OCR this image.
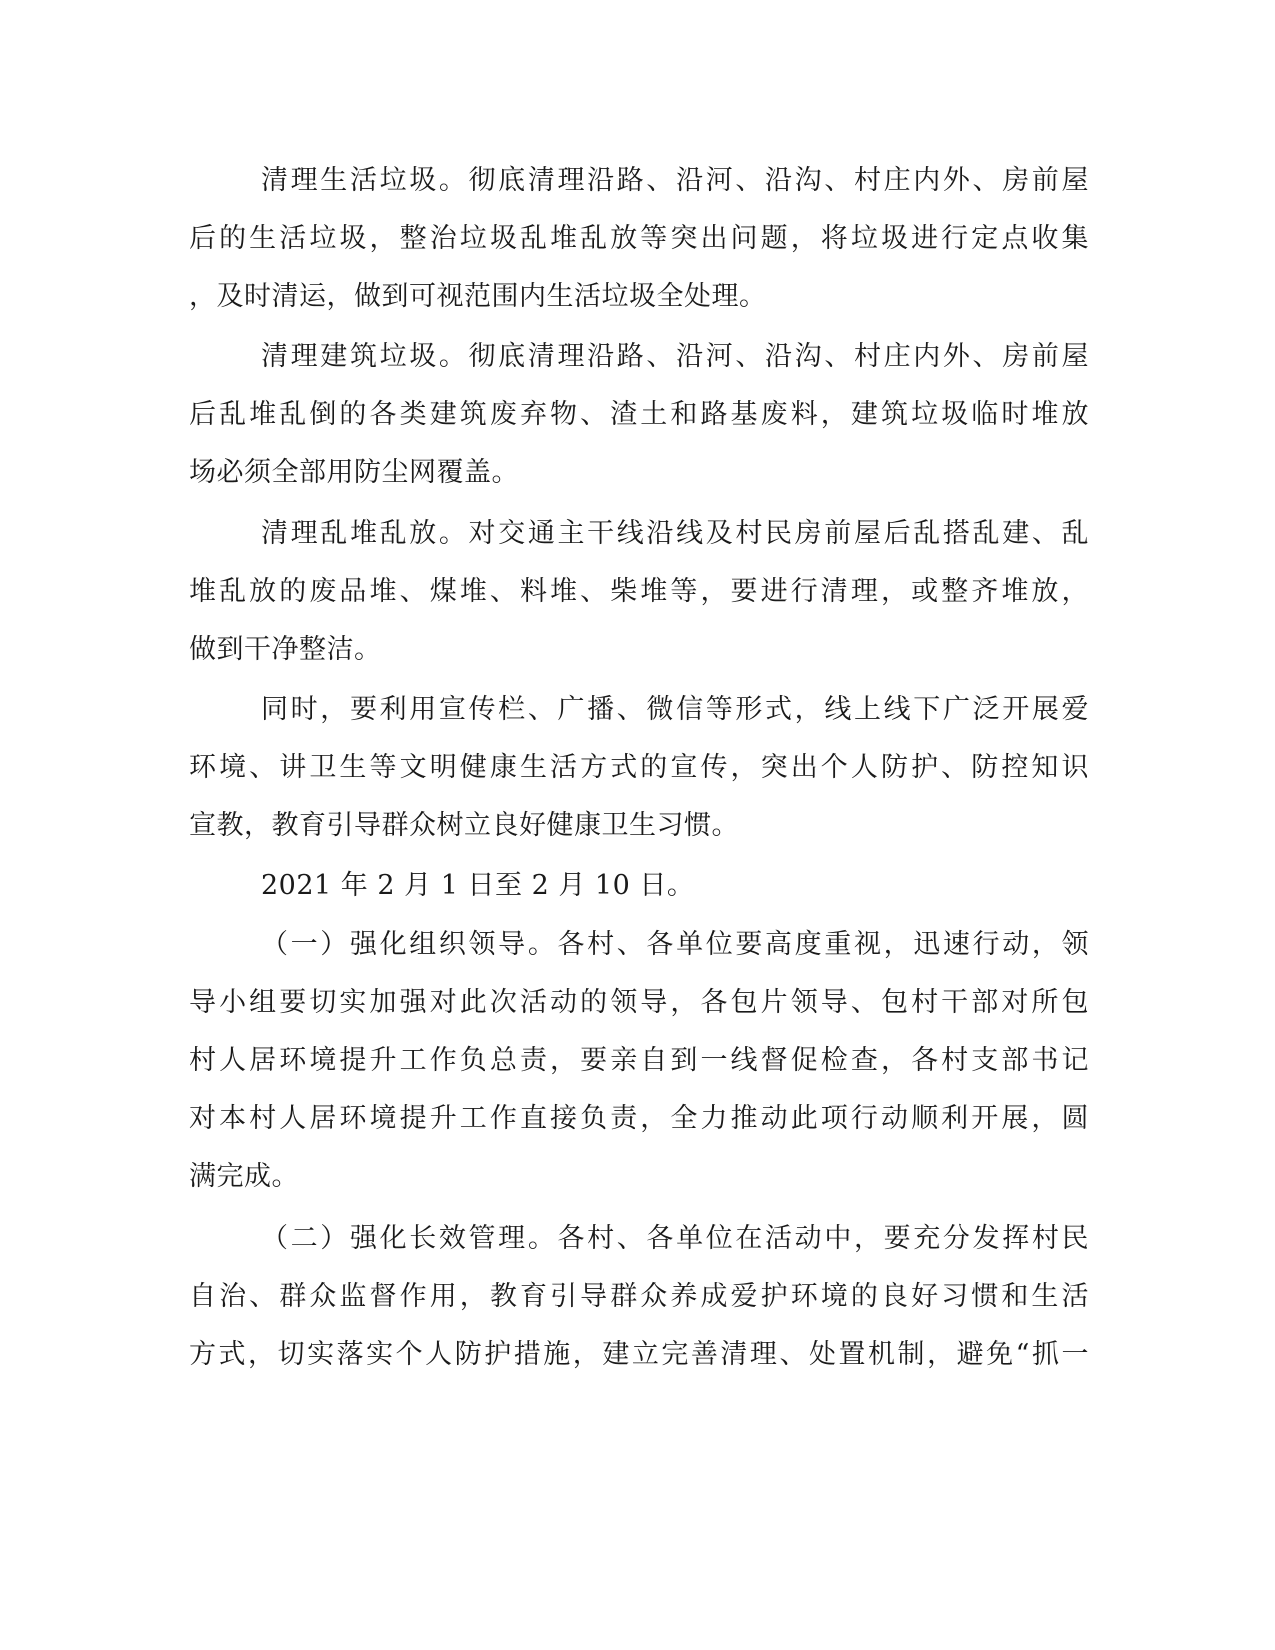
清理生活垃圾。彻底清理沿路、沿河、沿沟、村庄内外、房前屋

后的生活垃圾，整治垃圾乱堆乱放等突出问题，将垃圾进行定点收集

，及时清运，做到可视范围内生活垃圾全处理。

清理建筑垃圾。彻底清理沿路、沿河、沿沟、村庄内外、房前屋

后乱堆乱倒的各类建筑废弃物、渣土和路基废料，建筑垃圾临时堆放

场必须全部用防尘网覆盖。

清理乱堆乱放。对交通主干线沿线及村民房前屋后乱搭乱建、乱

堆乱放的废品堆、煤堆、料堆、柴堆等，要进行清理，或整齐堆放，

做到干净整洁。

同时，要利用宣传栏、广播、微信等形式，线上线下广泛开展爱

环境、讲卫生等文明健康生活方式的宣传，突出个人防护、防控知识

宣教，教育引导群众树立良好健康卫生习惯。

2021 年 2 月 1 日至 2 月 10 日。

（一）强化组织领导。各村、各单位要高度重视，迅速行动，领

导小组要切实加强对此次活动的领导，各包片领导、包村干部对所包

村人居环境提升工作负总责，要亲自到一线督促检查，各村支部书记

对本村人居环境提升工作直接负责，全力推动此项行动顺利开展，圆

满完成。

（二）强化长效管理。各村、各单位在活动中，要充分发挥村民

自治、群众监督作用，教育引导群众养成爱护环境的良好习惯和生活

方式，切实落实个人防护措施，建立完善清理、处置机制，避免“抓一
